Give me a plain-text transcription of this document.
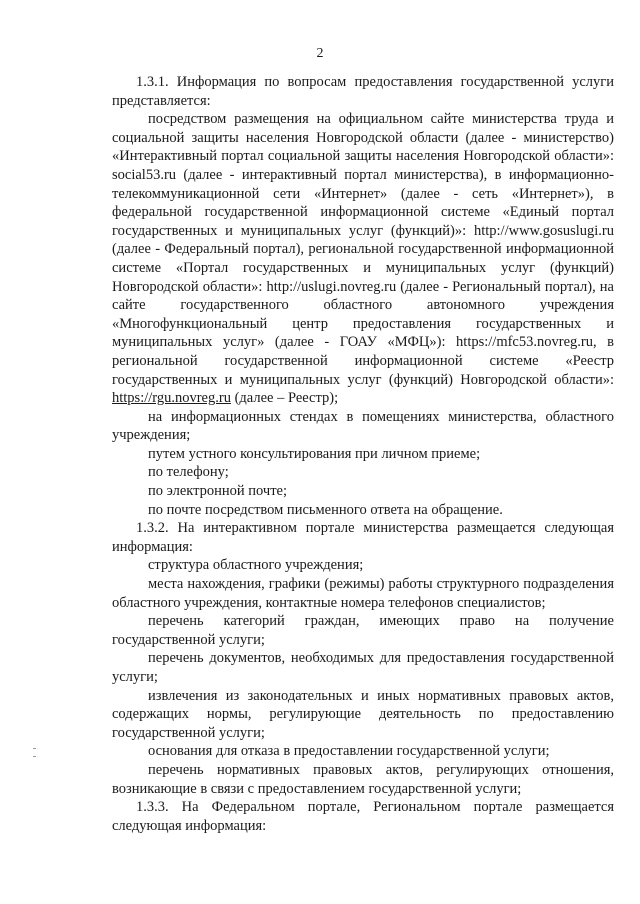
2

1.3.1. Информация по вопросам предоставления государственной услуги представляется:

посредством размещения на официальном сайте министерства труда и социальной защиты населения Новгородской области (далее - министерство) «Интерактивный портал социальной защиты населения Новгородской области»: social53.ru (далее - интерактивный портал министерства), в информационно-телекоммуникационной сети «Интернет» (далее - сеть «Интернет»), в федеральной государственной информационной системе «Единый портал государственных и муниципальных услуг (функций)»: http://www.gosuslugi.ru (далее - Федеральный портал), региональной государственной информационной системе «Портал государственных и муниципальных услуг (функций) Новгородской области»: http://uslugi.novreg.ru (далее - Региональный портал), на сайте государственного областного автономного учреждения «Многофункциональный центр предоставления государственных и муниципальных услуг» (далее - ГОАУ «МФЦ»): https://mfc53.novreg.ru, в региональной государственной информационной системе «Реестр государственных и муниципальных услуг (функций) Новгородской области»: https://rgu.novreg.ru (далее – Реестр);

на информационных стендах в помещениях министерства, областного учреждения;

путем устного консультирования при личном приеме;

по телефону;

по электронной почте;

по почте посредством письменного ответа на обращение.

1.3.2. На интерактивном портале министерства размещается следующая информация:

структура областного учреждения;

места нахождения, графики (режимы) работы структурного подразделения областного учреждения, контактные номера телефонов специалистов;

перечень категорий граждан, имеющих право на получение государственной услуги;

перечень документов, необходимых для предоставления государственной услуги;

извлечения из законодательных и иных нормативных правовых актов, содержащих нормы, регулирующие деятельность по предоставлению государственной услуги;

основания для отказа в предоставлении государственной услуги;

перечень нормативных правовых актов, регулирующих отношения, возникающие в связи с предоставлением государственной услуги;

1.3.3. На Федеральном портале, Региональном портале размещается следующая информация:
